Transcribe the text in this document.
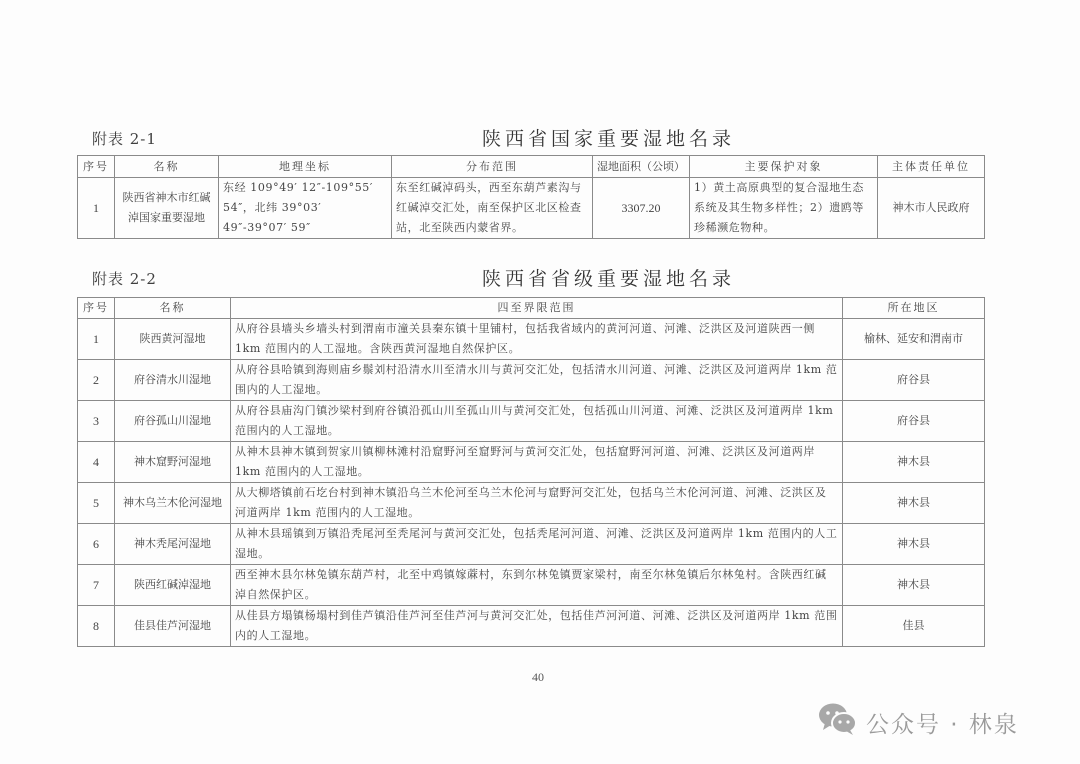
附表 2-1	陕西省国家重要湿地名录
序号	名称	地理坐标	分布范围	湿地面积（公顷）	主要保护对象	主体责任单位
1	陕西省神木市红碱淖国家重要湿地	东经 109°49′ 12″-109°55′ 54″，北纬 39°03′ 49″-39°07′ 59″	东至红碱淖码头，西至东葫芦素沟与红碱淖交汇处，南至保护区北区检查站，北至陕西内蒙省界。	3307.20	1）黄土高原典型的复合湿地生态系统及其生物多样性；2）遗鸥等珍稀濒危物种。	神木市人民政府
附表 2-2	陕西省省级重要湿地名录
序号	名称	四至界限范围	所在地区
1	陕西黄河湿地	从府谷县墙头乡墙头村到渭南市潼关县秦东镇十里铺村，包括我省域内的黄河河道、河滩、泛洪区及河道陕西一侧 1km 范围内的人工湿地。含陕西黄河湿地自然保护区。	榆林、延安和渭南市
2	府谷清水川湿地	从府谷县哈镇到海则庙乡鬃刘村沿清水川至清水川与黄河交汇处，包括清水川河道、河滩、泛洪区及河道两岸 1km 范围内的人工湿地。	府谷县
3	府谷孤山川湿地	从府谷县庙沟门镇沙梁村到府谷镇沿孤山川至孤山川与黄河交汇处，包括孤山川河道、河滩、泛洪区及河道两岸 1km 范围内的人工湿地。	府谷县
4	神木窟野河湿地	从神木县神木镇到贺家川镇柳林滩村沿窟野河至窟野河与黄河交汇处，包括窟野河河道、河滩、泛洪区及河道两岸 1km 范围内的人工湿地。	神木县
5	神木乌兰木伦河湿地	从大柳塔镇前石圪台村到神木镇沿乌兰木伦河至乌兰木伦河与窟野河交汇处，包括乌兰木伦河河道、河滩、泛洪区及河道两岸 1km 范围内的人工湿地。	神木县
6	神木秃尾河湿地	从神木县瑶镇到万镇沿秃尾河至秃尾河与黄河交汇处，包括秃尾河河道、河滩、泛洪区及河道两岸 1km 范围内的人工湿地。	神木县
7	陕西红碱淖湿地	西至神木县尔林兔镇东葫芦村，北至中鸡镇嫁蔴村，东到尔林兔镇贾家梁村，南至尔林兔镇后尔林兔村。含陕西红碱淖自然保护区。	神木县
8	佳县佳芦河湿地	从佳县方塌镇杨塌村到佳芦镇沿佳芦河至佳芦河与黄河交汇处，包括佳芦河河道、河滩、泛洪区及河道两岸 1km 范围内的人工湿地。	佳县
40
公众号 · 林泉
